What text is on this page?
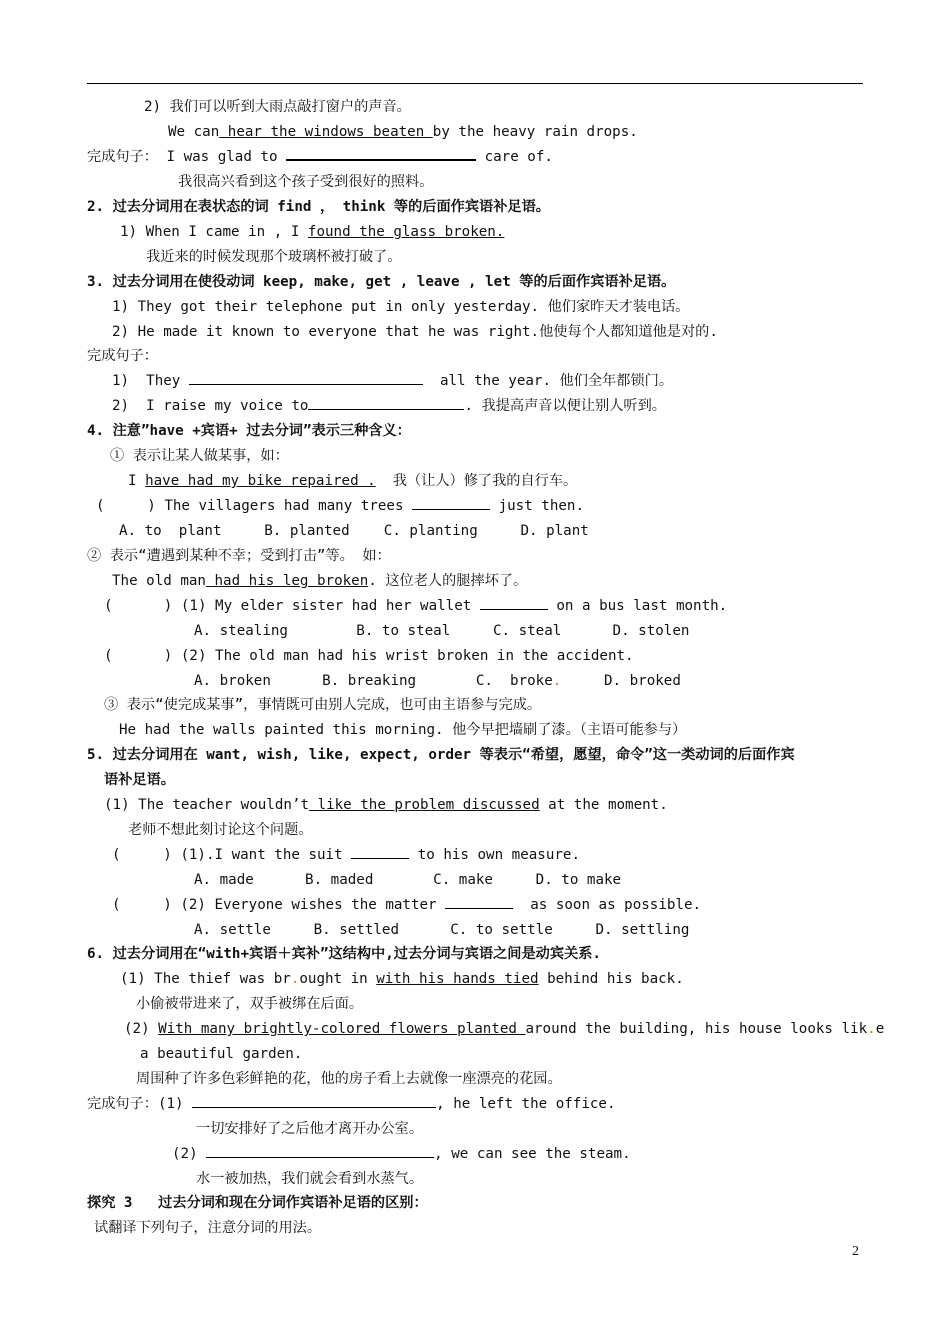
2) 我们可以听到大雨点敲打窗户的声音。
We can hear the windows beaten by the heavy rain drops.
完成句子： I was glad to	care of.
我很高兴看到这个孩子受到很好的照料。
2. 过去分词用在表状态的词 find ， think 等的后面作宾语补足语。
1) When I came in , I found the glass broken.
我近来的时候发现那个玻璃杯被打破了。
3. 过去分词用在使役动词 keep, make, get , leave , let 等的后面作宾语补足语。
1) They got their telephone put in only yesterday. 他们家昨天才装电话。
2) He made it known to everyone that he was right.他使每个人都知道他是对的.
完成句子：
1)  They	all the year. 他们全年都锁门。
2)  I raise my voice to	. 我提高声音以便让别人听到。
4. 注意”have +宾语+ 过去分词”表示三种含义：
① 表示让某人做某事，如：
I have had my bike repaired .  我（让人）修了我的自行车。
(     ) The villagers had many trees	just then.
A. to  plant     B. planted    C. planting     D. plant
② 表示“遭遇到某种不幸；受到打击”等。 如：
The old man had his leg broken. 这位老人的腿摔坏了。
(      ) (1) My elder sister had her wallet	on a bus last month.
A. stealing        B. to steal     C. steal      D. stolen
(      ) (2) The old man had his wrist broken in the accident.
A. broken      B. breaking       C.  broke.     D. broked
③ 表示“使完成某事”，事情既可由别人完成，也可由主语参与完成。
He had the walls painted this morning. 他今早把墙刷了漆。（主语可能参与）
5. 过去分词用在 want, wish, like, expect, order 等表示“希望，愿望，命令”这一类动词的后面作宾
语补足语。
(1) The teacher wouldn’t like the problem discussed at the moment.
老师不想此刻讨论这个问题。
(     ) (1).I want the suit	to his own measure.
A. made      B. maded       C. make     D. to make
(     ) (2) Everyone wishes the matter	as soon as possible.
A. settle     B. settled      C. to settle     D. settling
6. 过去分词用在“with+宾语＋宾补”这结构中,过去分词与宾语之间是动宾关系.
(1) The thief was br.ought in with his hands tied behind his back.
小偷被带进来了，双手被绑在后面。
(2) With many brightly-colored flowers planted around the building, his house looks lik.e
a beautiful garden.
周围种了许多色彩鲜艳的花，他的房子看上去就像一座漂亮的花园。
完成句子：(1)	, he left the office.
一切安排好了之后他才离开办公室。
(2)	, we can see the steam.
水一被加热，我们就会看到水蒸气。
探究 3   过去分词和现在分词作宾语补足语的区别：
试翻译下列句子，注意分词的用法。
2
